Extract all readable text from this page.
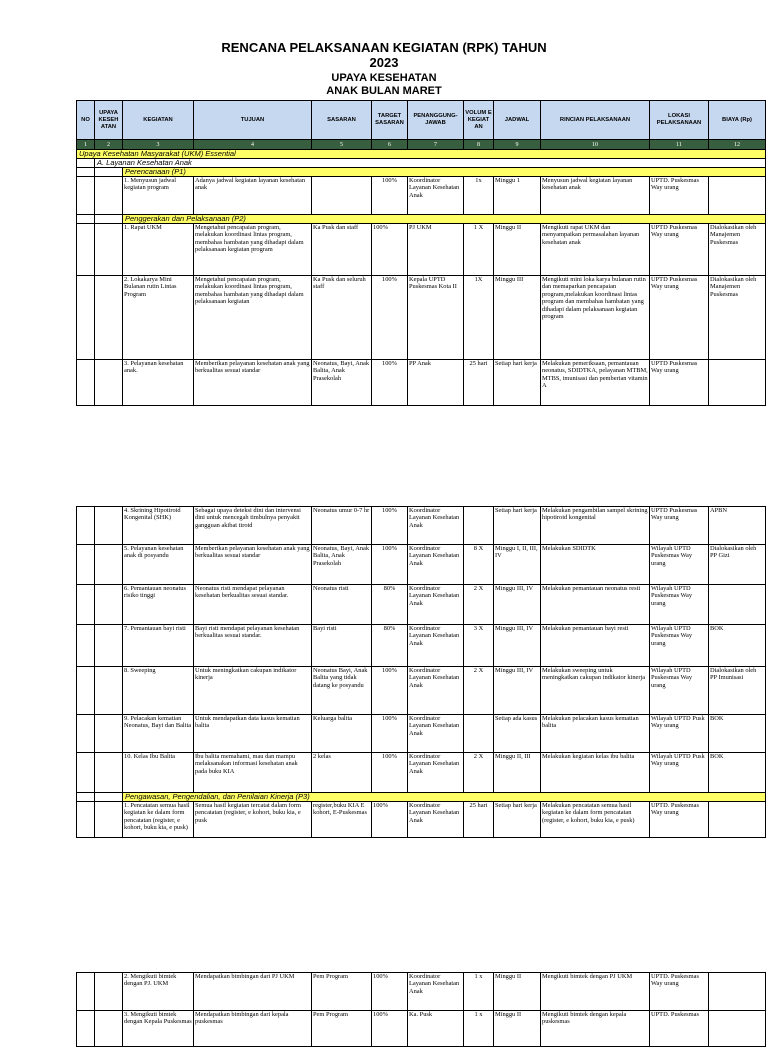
RENCANA PELAKSANAAN KEGIATAN (RPK) TAHUN
2023
UPAYA KESEHATAN
ANAK BULAN MARET
NO	UPAYA KESEH ATAN	KEGIATAN	TUJUAN	SASARAN	TARGET SASARAN	PENANGGUNG-JAWAB	VOLUM E KEGIAT AN	JADWAL	RINCIAN PELAKSANAAN	LOKASI PELAKSANAAN	BIAYA (Rp)
1	2	3	4	5	6	7	8	9	10	11	12
Upaya Kesehatan Masyarakat (UKM) Essential											
	A. Layanan Kesehatan Anak										
		Perencanaan (P1)									
		1. Menyusun jadwal kegiatan program	Adanya jadwal kegiatan layanan kesehatan anak		100%	Koordinator Layanan Kesehatan Anak	1x	Minggu 1	Menyusun jadwal kegiatan layanan kesehatan anak	UPTD. Puskesmas Way urang	
		Penggerakan dan Pelaksanaan (P2)									
		1. Rapat UKM	Mengetahui pencapaian program, melakukan koordinasi lintas program, membahas hambatan yang dihadapi dalam pelaksanaan kegiatan program	Ka Pusk dan staff	100%	PJ UKM	1 X	Minggu II	Mengikuti rapat UKM dan menyampaikan permasalahan layanan kesehatan anak	UPTD Puskesmas Way urang	Dialokasikan oleh Manajemen Puskesmas
		2. Lokakarya Mini Bulanan rutin Lintas Program	Mengetahui pencapaian program, melakukan koordinasi lintas program, membahas hambatan yang dihadapi dalam pelaksanaan kegiatan	Ka Pusk dan seluruh staff	100%	Kepala UPTD Puskesmas Kota II	1X	Minggu III	Mengikuti mini loka karya bulanan rutin dan memaparkan pencapaian program,melakukan koordinasi lintas program dan membahas hambatan yang dihadapi dalam pelaksanaan kegiatan program	UPTD Puskesmas Way urang	Dialokasikan oleh Manajemen Puskesmas
		3. Pelayanan kesehatan anak.	Memberikan pelayanan kesehatan anak yang berkualitas sesuai standar	Neonatus, Bayi, Anak Balita, Anak Prasekolah	100%	PP Anak	25 hari	Setiap hari kerja	Melakukan pemeriksaan, pemantauan neonatus, SDIDTKA, pelayanan MTBM, MTBS, imunisasi dan pemberian vitamin A	UPTD Puskesmas Way urang	
		4. Skrining Hipotiroid Kongenital (SHK)	Sebagai upaya deteksi dini dan intervensi dini untuk mencegah timbulnya penyakit gangguan akibat tiroid	Neonatus umur 0-7 hr	100%	Koordinator Layanan Kesehatan Anak		Setiap hari kerja	Melakukan pengambilan sampel skrining hipotiroid kongenital	UPTD Puskesmas Way urang	APBN
		5. Pelayanan kesehatan anak di posyandu	Memberikan pelayanan kesehatan anak yang berkualitas sesuai standar	Neonatus, Bayi, Anak Balita, Anak Prasekolah	100%	Koordinator Layanan Kesehatan Anak	8 X	Minggu I, II, III, IV	Melakukan SDIDTK	Wilayah UPTD Puskesmas Way urang	Dialokasikan oleh PP Gizi
		6. Pemantauan neonatus risiko tinggi	Neonatus risti mendapat pelayanan kesehatan berkualitas sesuai standar.	Neonatus risti	80%	Koordinator Layanan Kesehatan Anak	2 X	Minggu III, IV	Melakukan pemantauan neonatus resti	Wilayah UPTD Puskesmas Way urang	
		7. Pemantauan bayi risti	Bayi risti mendapat pelayanan kesehatan berkualitas sesuai standar.	Bayi risti	80%	Koordinator Layanan Kesehatan Anak	3 X	Minggu III, IV	Melakukan pemantauan bayi resti	Wilayah UPTD Puskesmas Way urang	BOK
		8. Sweeping	Untuk meningkatkan cakupan indikator kinerja	Neonatus Bayi, Anak Balita yang tidak datang ke posyandu	100%	Koordinator Layanan Kesehatan Anak	2 X	Minggu III, IV	Melakukan sweeping untuk meningkatkan cakupan indikator kinerja	Wilayah UPTD Puskesmas Way urang	Dialokasikan oleh PP Imunisasi
		9. Pelacakan kematian Neonatus, Bayi dan Balita	Untuk mendapatkan data kasus kematian balita	Keluarga balita	100%	Koordinator Layanan Kesehatan Anak		Setiap ada kasus	Melakukan pelacakan kasus kematian balita	Wilayah UPTD Pusk Way urang	BOK
		10. Kelas Ibu Balita	Ibu balita memahami, mau dan mampu melaksanakan informasi kesehatan anak pada buku KIA	2 kelas	100%	Koordinator Layanan Kesehatan Anak	2 X	Minggu II, III	Melakukan kegiatan kelas ibu balita	Wilayah UPTD Pusk Way urang	BOK
		Pengawasan, Pengendalian, dan Penilaian Kinerja (P3)									
		1. Pencatatan semua hasil kegiatan ke dalam form pencatatan (register, e kohort, buku kia, e pusk)	Semua hasil kegiatan tercatat dalam form pencatatan (register, e kohort, buku kia, e pusk	register,buku KIA E kohort, E-Puskesmas	100%	Koordinator Layanan Kesehatan Anak	25 hari	Setiap hari kerja	Melakukan pencatatan semua hasil kegiatan ke dalam form pencatatan (register, e kohort, buku kia, e pusk)	UPTD. Puskesmas Way urang	
		2. Mengikuti bimtek dengan PJ. UKM	Mendapatkan bimbingan dari PJ UKM	Pem Program	100%	Koordinator Layanan Kesehatan Anak	1 x	Minggu II	Mengikuti bimtek dengan PJ UKM	UPTD. Puskesmas Way urang	
		3. Mengikuti bimtek dengan Kepala Puskesmas	Mendapatkan bimbingan dari kepala puskesmas	Pem Program	100%	Ka. Pusk	1 x	Minggu II	Mengikuti bimtek dengan kepala puskesmas	UPTD. Puskesmas	
